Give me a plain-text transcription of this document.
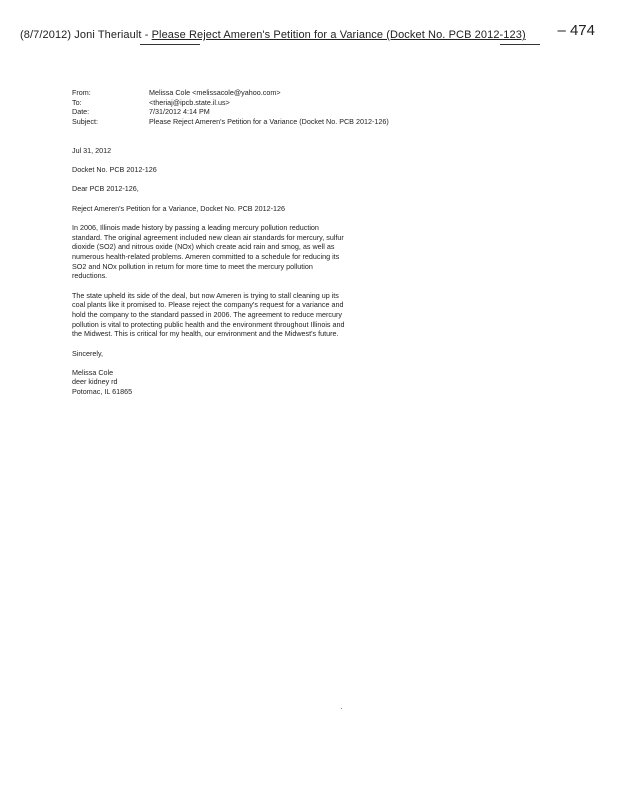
(8/7/2012) Joni Theriault - Please Reject Ameren's Petition for a Variance (Docket No. PCB 2012-123) – 474
From:	Melissa Cole <melissacole@yahoo.com>
To:	<theriaj@ipcb.state.il.us>
Date:	7/31/2012 4:14 PM
Subject:	Please Reject Ameren's Petition for a Variance (Docket No. PCB 2012-126)

Jul 31, 2012

Docket No. PCB 2012-126

Dear PCB 2012-126,

Reject Ameren's Petition for a Variance, Docket No. PCB 2012-126

In 2006, Illinois made history by passing a leading mercury pollution reduction standard. The original agreement included new clean air standards for mercury, sulfur dioxide (SO2) and nitrous oxide (NOx) which create acid rain and smog, as well as numerous health-related problems. Ameren committed to a schedule for reducing its SO2 and NOx pollution in return for more time to meet the mercury pollution reductions.

The state upheld its side of the deal, but now Ameren is trying to stall cleaning up its coal plants like it promised to. Please reject the company's request for a variance and hold the company to the standard passed in 2006. The agreement to reduce mercury pollution is vital to protecting public health and the environment throughout Illinois and the Midwest. This is critical for my health, our environment and the Midwest's future.

Sincerely,

Melissa Cole
deer kidney rd
Potomac, IL 61865
·
